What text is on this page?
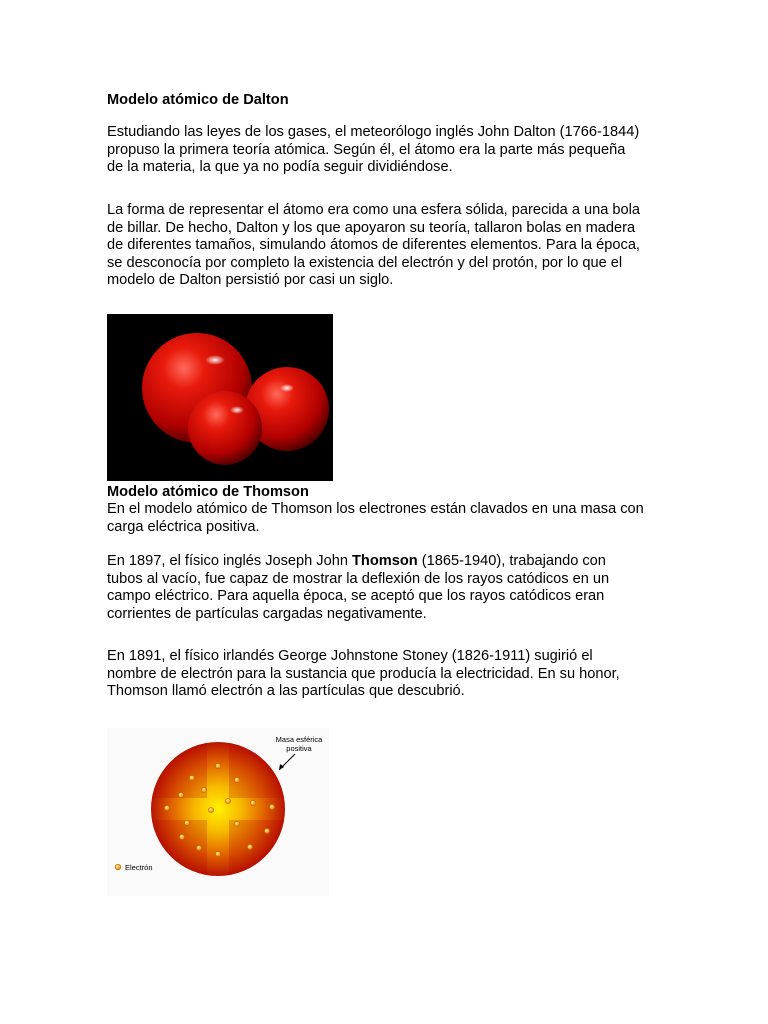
Modelo atómico de Dalton
Estudiando las leyes de los gases, el meteorólogo inglés John Dalton (1766-1844)
propuso la primera teoría atómica. Según él, el átomo era la parte más pequeña
de la materia, la que ya no podía seguir dividiéndose.
La forma de representar el átomo era como una esfera sólida, parecida a una bola
de billar. De hecho, Dalton y los que apoyaron su teoría, tallaron bolas en madera
de diferentes tamaños, simulando átomos de diferentes elementos. Para la época,
se desconocía por completo la existencia del electrón y del protón, por lo que el
modelo de Dalton persistió por casi un siglo.
Modelo atómico de Thomson
En el modelo atómico de Thomson los electrones están clavados en una masa con
carga eléctrica positiva.
En 1897, el físico inglés Joseph John Thomson (1865-1940), trabajando con
tubos al vacío, fue capaz de mostrar la deflexión de los rayos catódicos en un
campo eléctrico. Para aquella época, se aceptó que los rayos catódicos eran
corrientes de partículas cargadas negativamente.
En 1891, el físico irlandés George Johnstone Stoney (1826-1911) sugirió el
nombre de electrón para la sustancia que producía la electricidad. En su honor,
Thomson llamó electrón a las partículas que descubrió.
Masa esférica
positiva
Electrón
